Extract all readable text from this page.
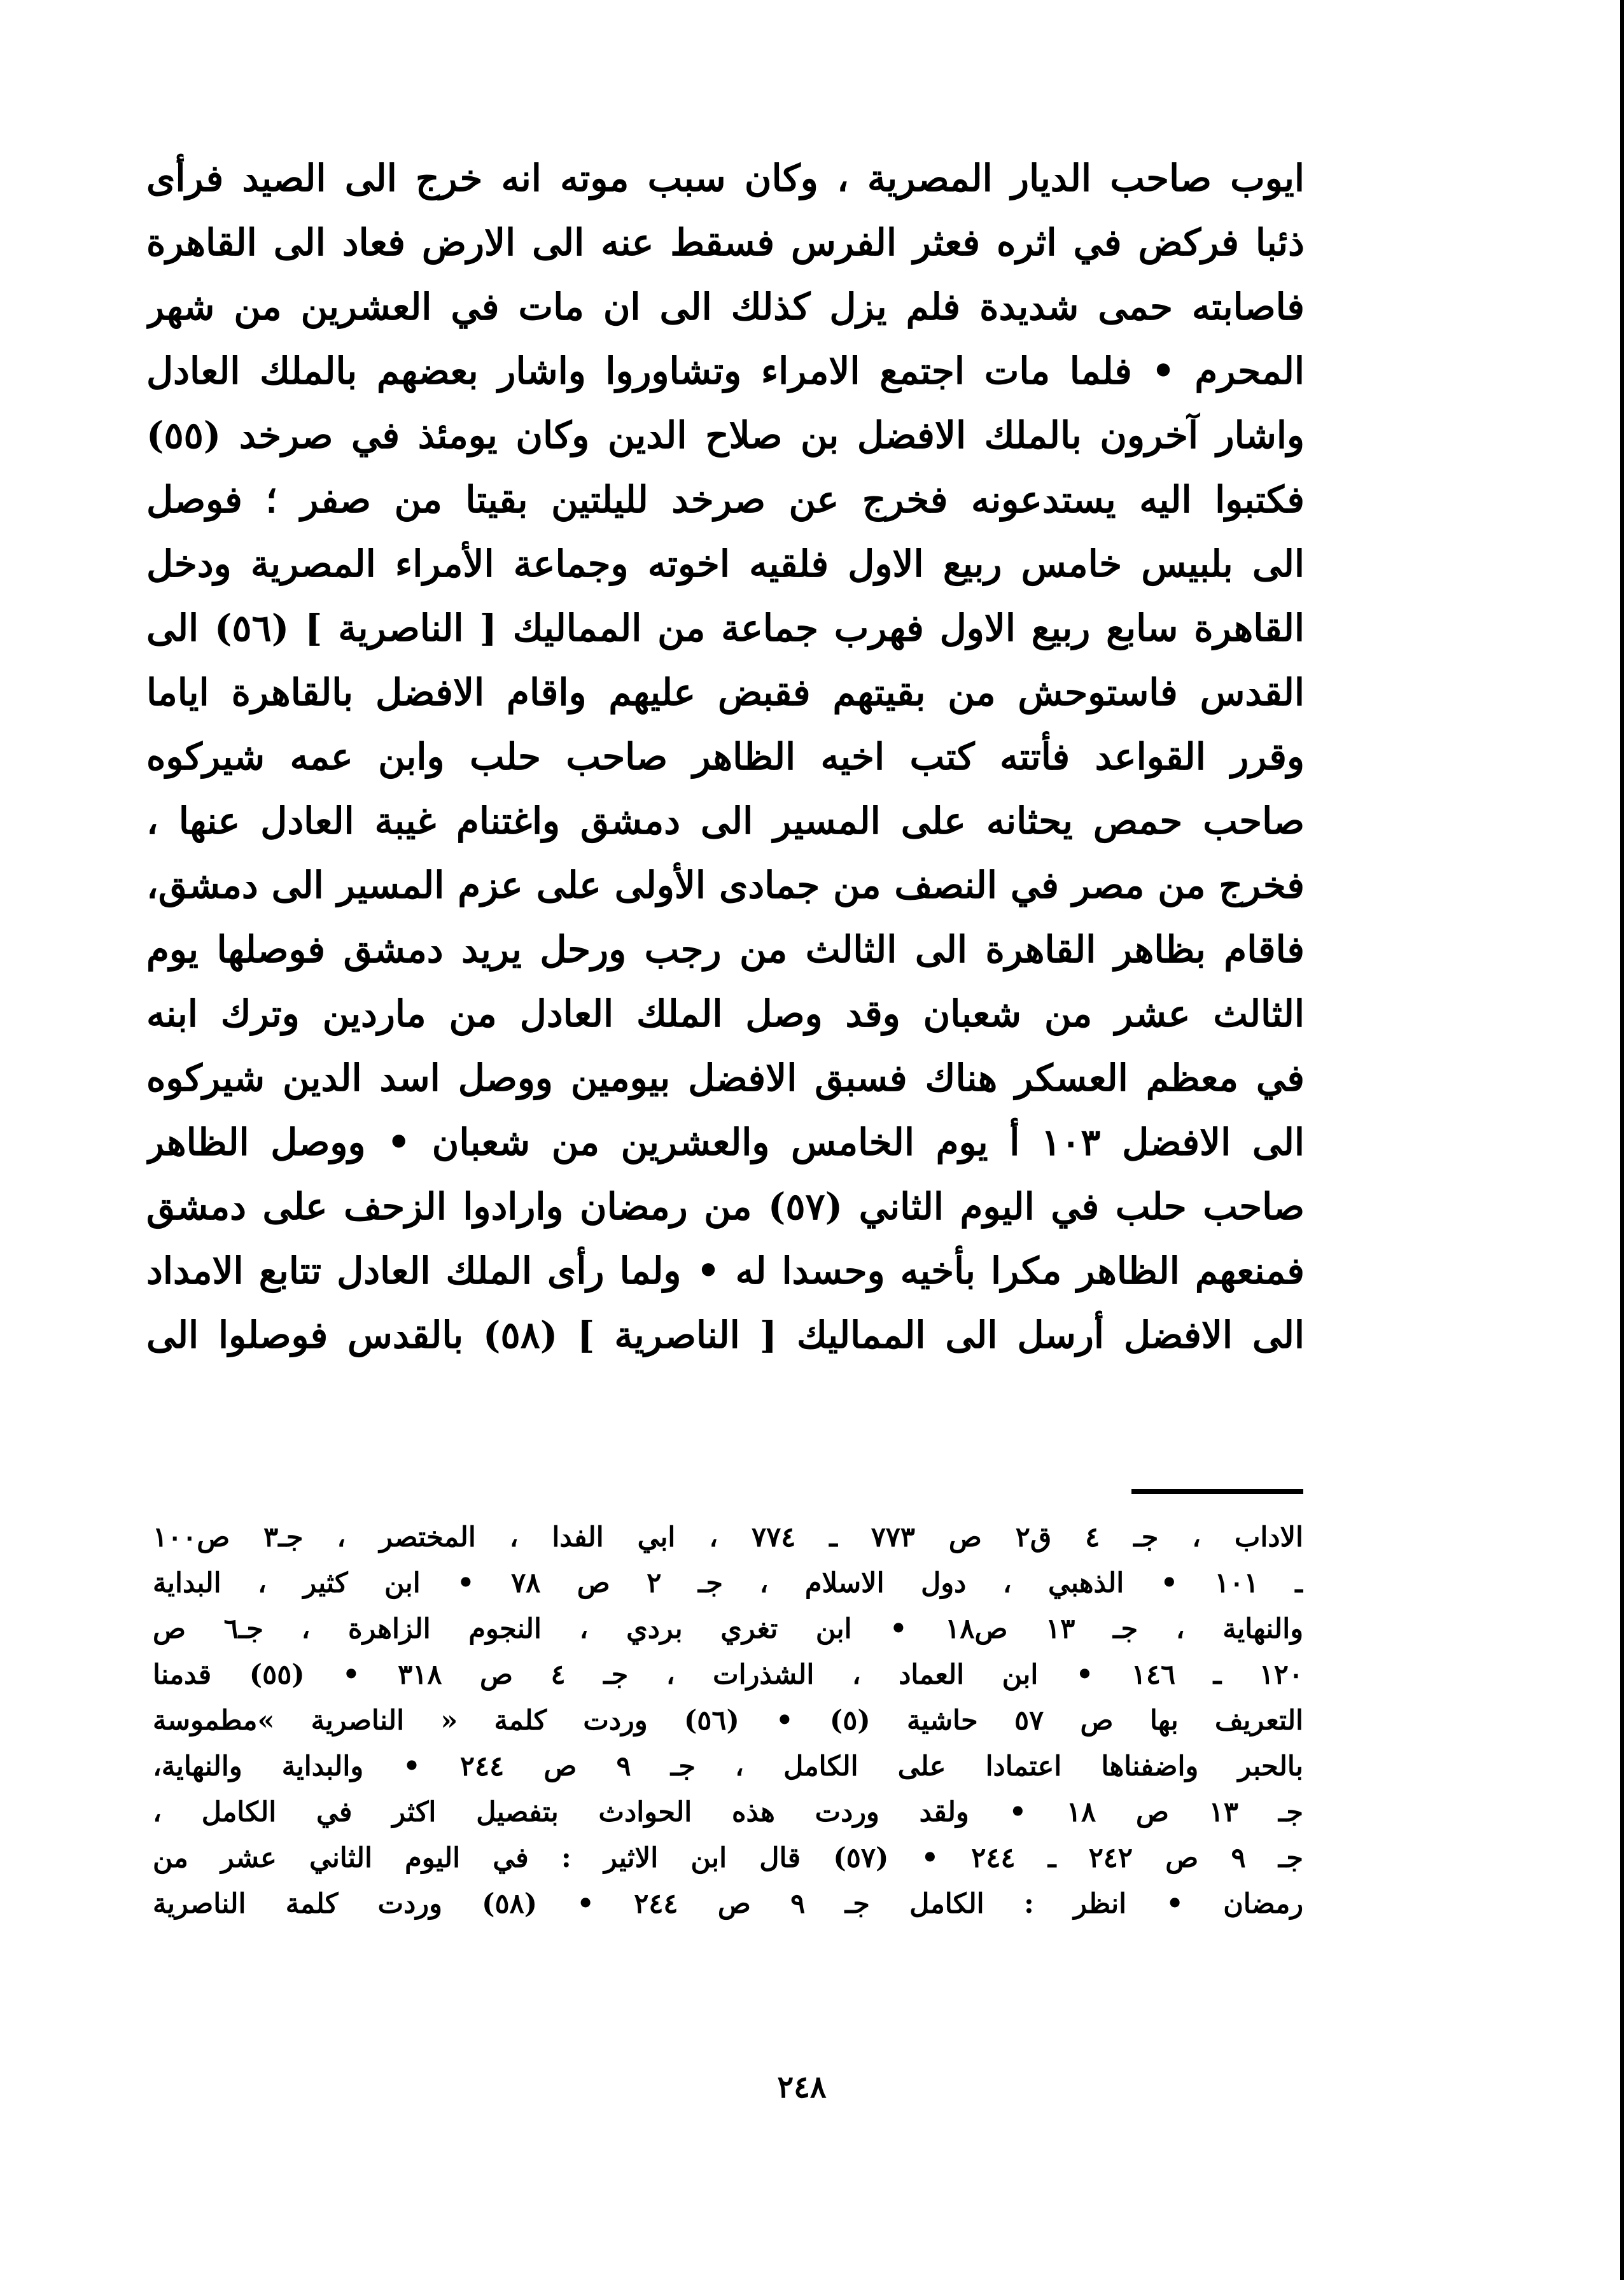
ايوب صاحب الديار المصرية ، وكان سبب موته انه خرج الى الصيد فرأى
ذئبا فركض في اثره فعثر الفرس فسقط عنه الى الارض فعاد الى القاهرة
فاصابته حمى شديدة فلم يزل كذلك الى ان مات في العشرين من شهر
المحرم • فلما مات اجتمع الامراء وتشاوروا واشار بعضهم بالملك العادل
واشار آخرون بالملك الافضل بن صلاح الدين وكان يومئذ في صرخد (٥٥)
فكتبوا اليه يستدعونه فخرج عن صرخد لليلتين بقيتا من صفر ؛ فوصل
الى بلبيس خامس ربيع الاول فلقيه اخوته وجماعة الأمراء المصرية ودخل
القاهرة سابع ربيع الاول فهرب جماعة من المماليك [ الناصرية ] (٥٦) الى
القدس فاستوحش من بقيتهم فقبض عليهم واقام الافضل بالقاهرة اياما
وقرر القواعد فأتته كتب اخيه الظاهر صاحب حلب وابن عمه شيركوه
صاحب حمص يحثانه على المسير الى دمشق واغتنام غيبة العادل عنها ،
فخرج من مصر في النصف من جمادى الأولى على عزم المسير الى دمشق،
فاقام بظاهر القاهرة الى الثالث من رجب ورحل يريد دمشق فوصلها يوم
الثالث عشر من شعبان وقد وصل الملك العادل من ماردين وترك ابنه
في معظم العسكر هناك فسبق الافضل بيومين ووصل اسد الدين شيركوه
الى الافضل ١٠٣ أ يوم الخامس والعشرين من شعبان • ووصل الظاهر
صاحب حلب في اليوم الثاني (٥٧) من رمضان وارادوا الزحف على دمشق
فمنعهم الظاهر مكرا بأخيه وحسدا له • ولما رأى الملك العادل تتابع الامداد
الى الافضل أرسل الى المماليك [ الناصرية ] (٥٨) بالقدس فوصلوا الى
الاداب ، جـ ٤ ق٢ ص ٧٧٣ ـ ٧٧٤ ، ابي الفدا ، المختصر ، جـ٣ ص١٠٠
ـ ١٠١ • الذهبي ، دول الاسلام ، جـ ٢ ص ٧٨ • ابن كثير ، البداية
والنهاية ، جـ ١٣ ص١٨ • ابن تغري بردي ، النجوم الزاهرة ، جـ٦ ص
١٢٠ ـ ١٤٦ • ابن العماد ، الشذرات ، جـ ٤ ص ٣١٨ • (٥٥) قدمنا
التعريف بها ص ٥٧ حاشية (٥) • (٥٦) وردت كلمة « الناصرية »مطموسة
بالحبر واضفناها اعتمادا على الكامل ، جـ ٩ ص ٢٤٤ • والبداية والنهاية،
جـ ١٣ ص ١٨ • ولقد وردت هذه الحوادث بتفصيل اكثر في الكامل ،
جـ ٩ ص ٢٤٢ ـ ٢٤٤ • (٥٧) قال ابن الاثير : في اليوم الثاني عشر من
رمضان • انظر : الكامل جـ ٩ ص ٢٤٤ • (٥٨) وردت كلمة الناصرية
٢٤٨
